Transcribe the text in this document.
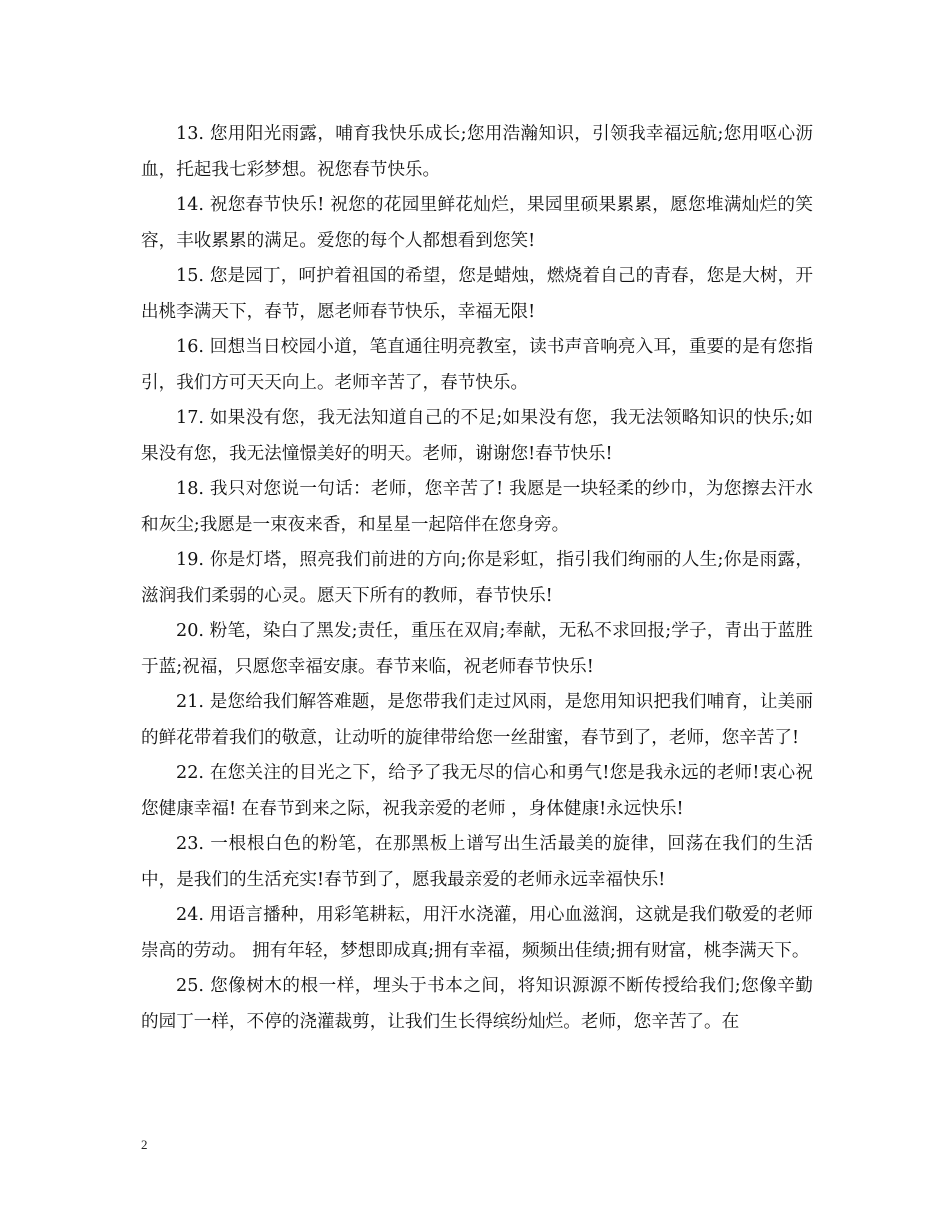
13. 您用阳光雨露，哺育我快乐成长;您用浩瀚知识，引领我幸福远航;您用呕心沥血，托起我七彩梦想。祝您春节快乐。

14. 祝您春节快乐! 祝您的花园里鲜花灿烂，果园里硕果累累，愿您堆满灿烂的笑容，丰收累累的满足。爱您的每个人都想看到您笑!

15. 您是园丁，呵护着祖国的希望，您是蜡烛，燃烧着自己的青春，您是大树，开出桃李满天下，春节，愿老师春节快乐，幸福无限!

16. 回想当日校园小道，笔直通往明亮教室，读书声音响亮入耳，重要的是有您指引，我们方可天天向上。老师辛苦了，春节快乐。

17. 如果没有您，我无法知道自己的不足;如果没有您，我无法领略知识的快乐;如果没有您，我无法憧憬美好的明天。老师，谢谢您!春节快乐!

18. 我只对您说一句话：老师，您辛苦了! 我愿是一块轻柔的纱巾，为您擦去汗水和灰尘;我愿是一束夜来香，和星星一起陪伴在您身旁。

19. 你是灯塔，照亮我们前进的方向;你是彩虹，指引我们绚丽的人生;你是雨露，滋润我们柔弱的心灵。愿天下所有的教师，春节快乐!

20. 粉笔，染白了黑发;责任，重压在双肩;奉献，无私不求回报;学子，青出于蓝胜于蓝;祝福，只愿您幸福安康。春节来临，祝老师春节快乐!

21. 是您给我们解答难题，是您带我们走过风雨，是您用知识把我们哺育，让美丽的鲜花带着我们的敬意，让动听的旋律带给您一丝甜蜜，春节到了，老师，您辛苦了!

22. 在您关注的目光之下，给予了我无尽的信心和勇气!您是我永远的老师!衷心祝您健康幸福! 在春节到来之际，祝我亲爱的老师 ，身体健康!永远快乐!

23. 一根根白色的粉笔，在那黑板上谱写出生活最美的旋律，回荡在我们的生活中，是我们的生活充实!春节到了，愿我最亲爱的老师永远幸福快乐!

24. 用语言播种，用彩笔耕耘，用汗水浇灌，用心血滋润，这就是我们敬爱的老师崇高的劳动。 拥有年轻，梦想即成真;拥有幸福，频频出佳绩;拥有财富，桃李满天下。

25. 您像树木的根一样，埋头于书本之间，将知识源源不断传授给我们;您像辛勤的园丁一样，不停的浇灌裁剪，让我们生长得缤纷灿烂。老师，您辛苦了。在

2
